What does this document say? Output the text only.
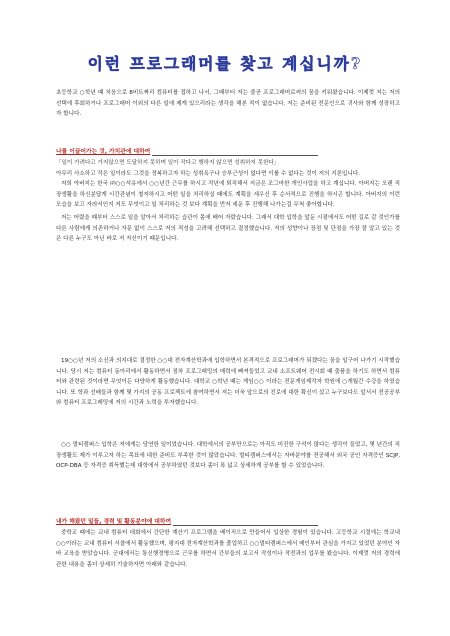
이런 프로그래머를 찾고 계십니까?

초등학교 ○학년 때 처음으로 8비트짜리 컴퓨터를 접하고 나서, 그때부터 저는 줄곧 프로그래머로써의 꿈을 키워왔습니다. 이제껏 저는 저의 선택에 후회하거나 프로그래머 이외의 다른 일에 제게 있으리라는 생각을 해본 적이 없습니다. 저는 준비된 전문인으로 귀사와 함께 성장하고자 합니다.

나를 이끌어가는 것, 가치관에 대하여

「일이 가려다고 가지않으면 도달하지 못하며 일이 작다고 행하지 않으면 성취하지 못한다」

아무리 사소하고 작은 일이라도 그것을 정복하고자 하는 성취욕구나 승부근성이 없다면 이룰 수 없다는 것이 저의 지론입니다.

저희 아버지는 한국 ㈜○○석유에서 ○○년간 근무를 하시고 작년에 퇴직해서 지금은 조그마한 개인사업을 하고 계십니다. 아버지는 오랜 직장생활을 하신분답게 시간관념이 철저하시고 어떤 일을 처리하실 때에도 계획을 세우신 후 순서적으로 진행을 하시곤 합니다. 아버지의 이런 모습을 보고 자라서인지 저도 무엇이고 일 처리하는 것 보다 계획을 먼저 세운 후 진행해 나가는걸 무척 좋아합니다.

저는 어렸을 때부터 스스로 일을 알아서 처리하는 습관이 몸에 배어 자랐습니다. 그래서 대학 입학을 앞둔 시점에서도 어떤 길로 갈 것인가를 다른 사람에게 의존하거나 자문 없이 스스로 저의 적성을 고려해 선택하고 결정했습니다. 저의 성향이나 장점 및 단점을 가장 잘 알고 있는 것은 다른 누구도 아닌 바로 저 자신이기 때문입니다.

19○○년 저의 소신과 의지대로 결정한 ○○대 전자계산학과에 입학하면서 본격적으로 프로그래머가 되겠다는 꿈을 일구어 나가기 시작했습니다. 당시 저는 컴퓨터 동아리에서 활동하면서 점차 프로그래밍의 매력에 빠져들었고 교내 소프트웨어 전시회 때 출품을 하기도 하면서 컴퓨터와 관련된 것이라면 무엇이든 다양하게 활동했습니다. 대학교 ○학년 때는 게임○○ 이라는 전문게임제작자 학원에 ○개월간 수강을 하였습니다. 또 학과 선배들과 함께 몇 가지의 공동 프로젝트에 참여하면서 저는 더욱 앞으로의 진로에 대한 확신이 섰고 누구보다도 앞서서 전공공부와 컴퓨터 프로그래밍에 저의 시간과 노력을 투자했습니다.

○○ 멀티캠퍼스 입학은 저에게는 당연한 일이었습니다. 대학에서의 공부만으로는 아직도 미진한 구석이 많다는 생각이 들었고, 몇 년간의 직장생활도 제가 이루고자 하는 목표에 대한 준비도 부족한 것이 많았습니다. 멀티캠퍼스에서는 자바분야를 전공해서 외국 공인 자격증인 SCJP, OCP-DBA 등 자격증 취득했는데 대학에서 공부하였던 것보다 좀더 폭 넓고 상세하게 공부를 할 수 있었습니다.

내가 해왔던 일들, 경력 및 활동분야에 대하여

중학교 때에는 교내 컴퓨터 대회에서 간단한 계산기 프로그램을 베이직으로 만들어서 입상한 경험이 있습니다. 고등학교 시절에는 학교내 ○○이라는 교내 컴퓨터 서클에서 활동했으며, 평지대 전자계산학과를 졸업하고 ○○멀티캠퍼스에서 메인부터 관심을 가지고 있었던 분야인 자바 교육을 받았습니다. 군대에서는 통신행정병으로 근무를 하면서 간부들의 보고서 작성이나 작전과의 업무를 봤습니다. 이제껏 저의 경력에 관한 내용을 좀더 상세히 기술하자면 아래와 같습니다.
